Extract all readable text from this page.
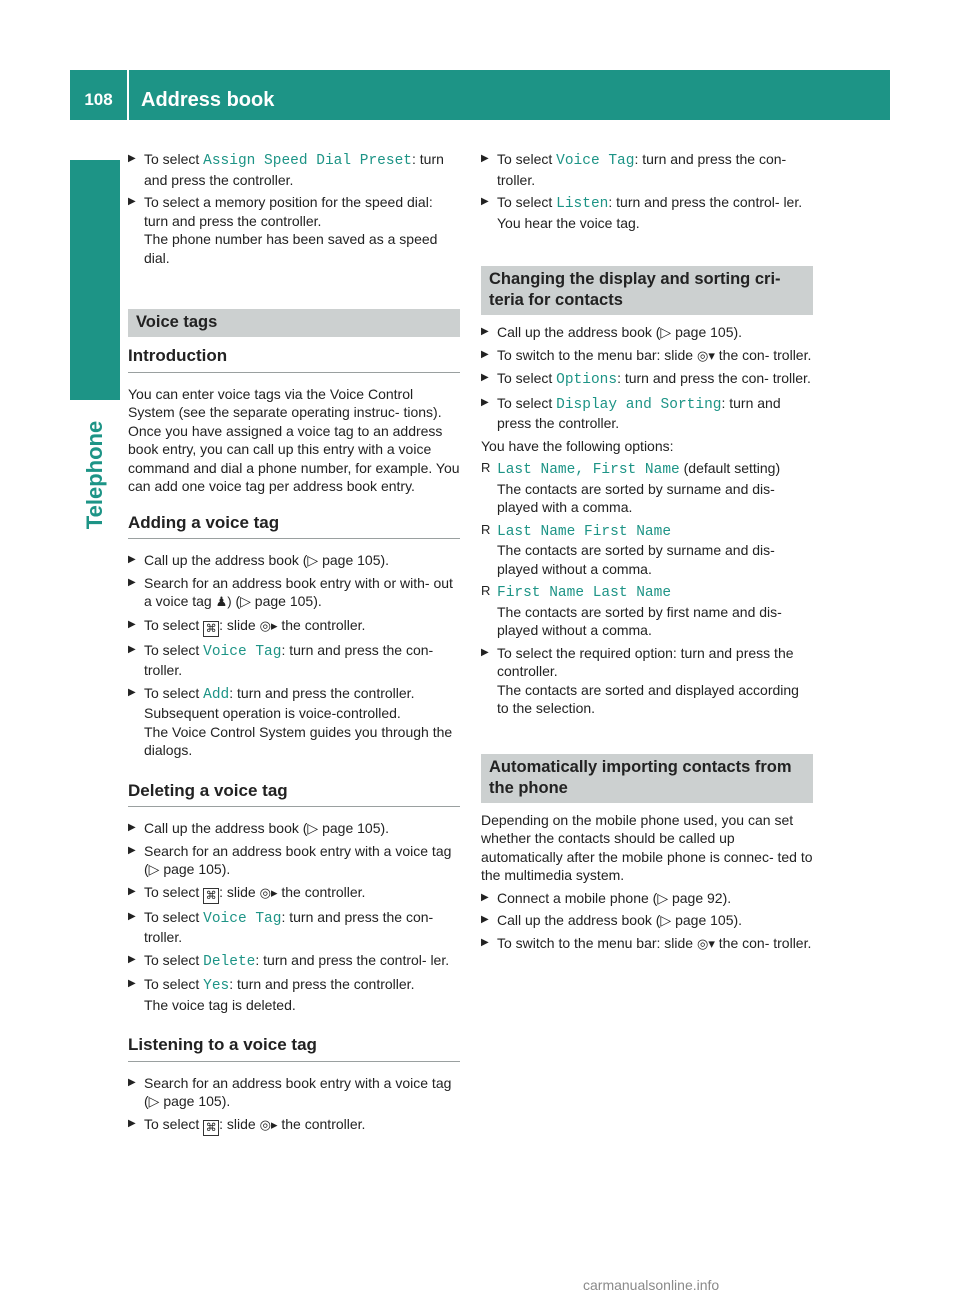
108	Address book
Telephone
▶ To select Assign Speed Dial Preset: turn and press the controller.
▶ To select a memory position for the speed dial: turn and press the controller.
The phone number has been saved as a speed dial.
Voice tags
Introduction

You can enter voice tags via the Voice Control System (see the separate operating instruc- tions). Once you have assigned a voice tag to an address book entry, you can call up this entry with a voice command and dial a phone number, for example. You can add one voice tag per address book entry.

Adding a voice tag
▶ Call up the address book (▷ page 105).
▶ Search for an address book entry with or with- out a voice tag ♟) (▷ page 105).
▶ To select ⌘ : slide ◎▸ the controller.
▶ To select Voice Tag: turn and press the con- troller.
▶ To select Add: turn and press the controller.
Subsequent operation is voice-controlled.
The Voice Control System guides you through the dialogs.
Deleting a voice tag
▶ Call up the address book (▷ page 105).
▶ Search for an address book entry with a voice tag (▷ page 105).
▶ To select ⌘ : slide ◎▸ the controller.
▶ To select Voice Tag: turn and press the con- troller.
▶ To select Delete: turn and press the control- ler.
▶ To select Yes: turn and press the controller.
The voice tag is deleted.
Listening to a voice tag
▶ Search for an address book entry with a voice tag (▷ page 105).
▶ To select ⌘ : slide ◎▸ the controller.
▶ To select Voice Tag: turn and press the con- troller.
▶ To select Listen: turn and press the control- ler.
You hear the voice tag.
Changing the display and sorting cri- teria for contacts
▶ Call up the address book (▷ page 105).
▶ To switch to the menu bar: slide ◎▾ the con- troller.
▶ To select Options: turn and press the con- troller.
▶ To select Display and Sorting: turn and press the controller.

You have the following options:

R Last Name, First Name (default setting)
The contacts are sorted by surname and dis- played with a comma.
R Last Name First Name
The contacts are sorted by surname and dis- played without a comma.
R First Name Last Name
The contacts are sorted by first name and dis- played without a comma.
▶ To select the required option: turn and press the controller.
The contacts are sorted and displayed according to the selection.
Automatically importing contacts from the phone

Depending on the mobile phone used, you can set whether the contacts should be called up automatically after the mobile phone is connec- ted to the multimedia system.

▶ Connect a mobile phone (▷ page 92).
▶ Call up the address book (▷ page 105).
▶ To switch to the menu bar: slide ◎▾ the con- troller.
carmanualsonline.info
